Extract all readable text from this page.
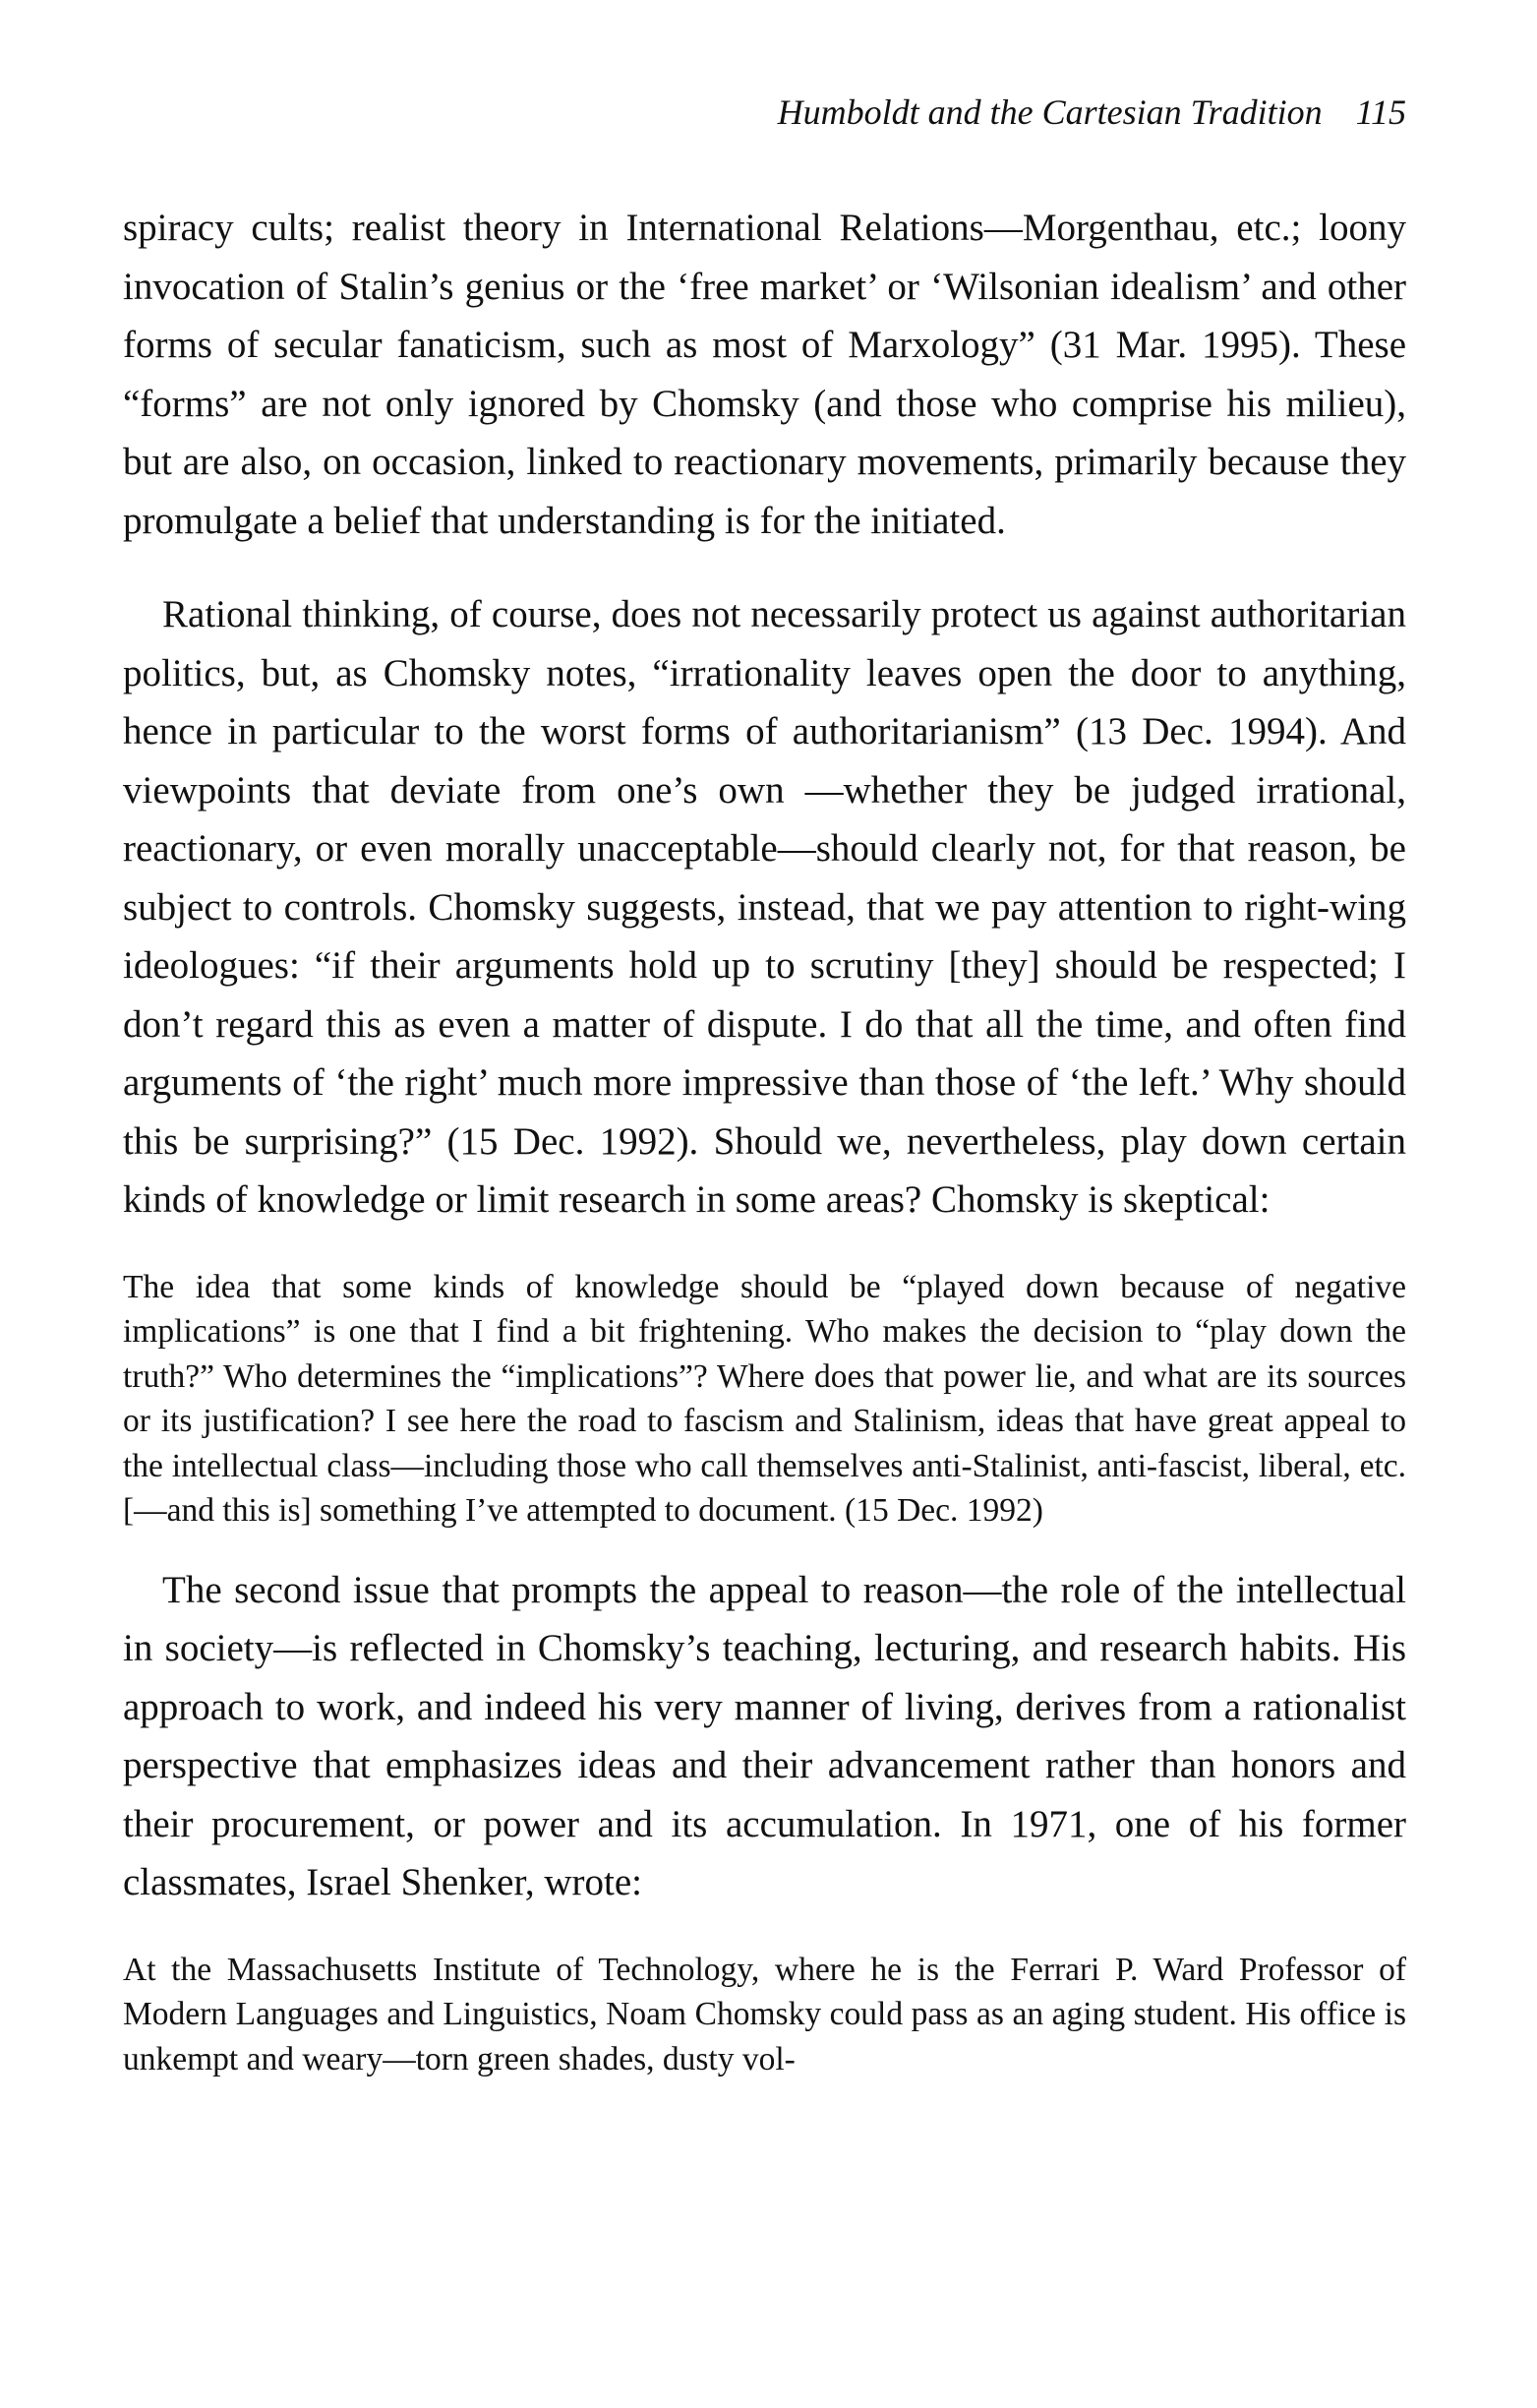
Humboldt and the Cartesian Tradition 115

spiracy cults; realist theory in International Relations—Morgenthau, etc.; loony invocation of Stalin’s genius or the ‘free market’ or ‘Wilsonian idealism’ and other forms of secular fanaticism, such as most of Marxology” (31 Mar. 1995). These “forms” are not only ignored by Chomsky (and those who comprise his milieu), but are also, on occasion, linked to reactionary movements, primarily because they promulgate a belief that understanding is for the initiated.

Rational thinking, of course, does not necessarily protect us against authoritarian politics, but, as Chomsky notes, “irrationality leaves open the door to anything, hence in particular to the worst forms of authoritarianism” (13 Dec. 1994). And viewpoints that deviate from one’s own —whether they be judged irrational, reactionary, or even morally unacceptable—should clearly not, for that reason, be subject to controls. Chomsky suggests, instead, that we pay attention to right-wing ideologues: “if their arguments hold up to scrutiny [they] should be respected; I don’t regard this as even a matter of dispute. I do that all the time, and often find arguments of ‘the right’ much more impressive than those of ‘the left.’ Why should this be surprising?” (15 Dec. 1992). Should we, nevertheless, play down certain kinds of knowledge or limit research in some areas? Chomsky is skeptical:

The idea that some kinds of knowledge should be “played down because of negative implications” is one that I find a bit frightening. Who makes the decision to “play down the truth?” Who determines the “implications”? Where does that power lie, and what are its sources or its justification? I see here the road to fascism and Stalinism, ideas that have great appeal to the intellectual class—including those who call themselves anti-Stalinist, anti-fascist, liberal, etc. [—and this is] something I’ve attempted to document. (15 Dec. 1992)

The second issue that prompts the appeal to reason—the role of the intellectual in society—is reflected in Chomsky’s teaching, lecturing, and research habits. His approach to work, and indeed his very manner of living, derives from a rationalist perspective that emphasizes ideas and their advancement rather than honors and their procurement, or power and its accumulation. In 1971, one of his former classmates, Israel Shenker, wrote:

At the Massachusetts Institute of Technology, where he is the Ferrari P. Ward Professor of Modern Languages and Linguistics, Noam Chomsky could pass as an aging student. His office is unkempt and weary—torn green shades, dusty vol-
